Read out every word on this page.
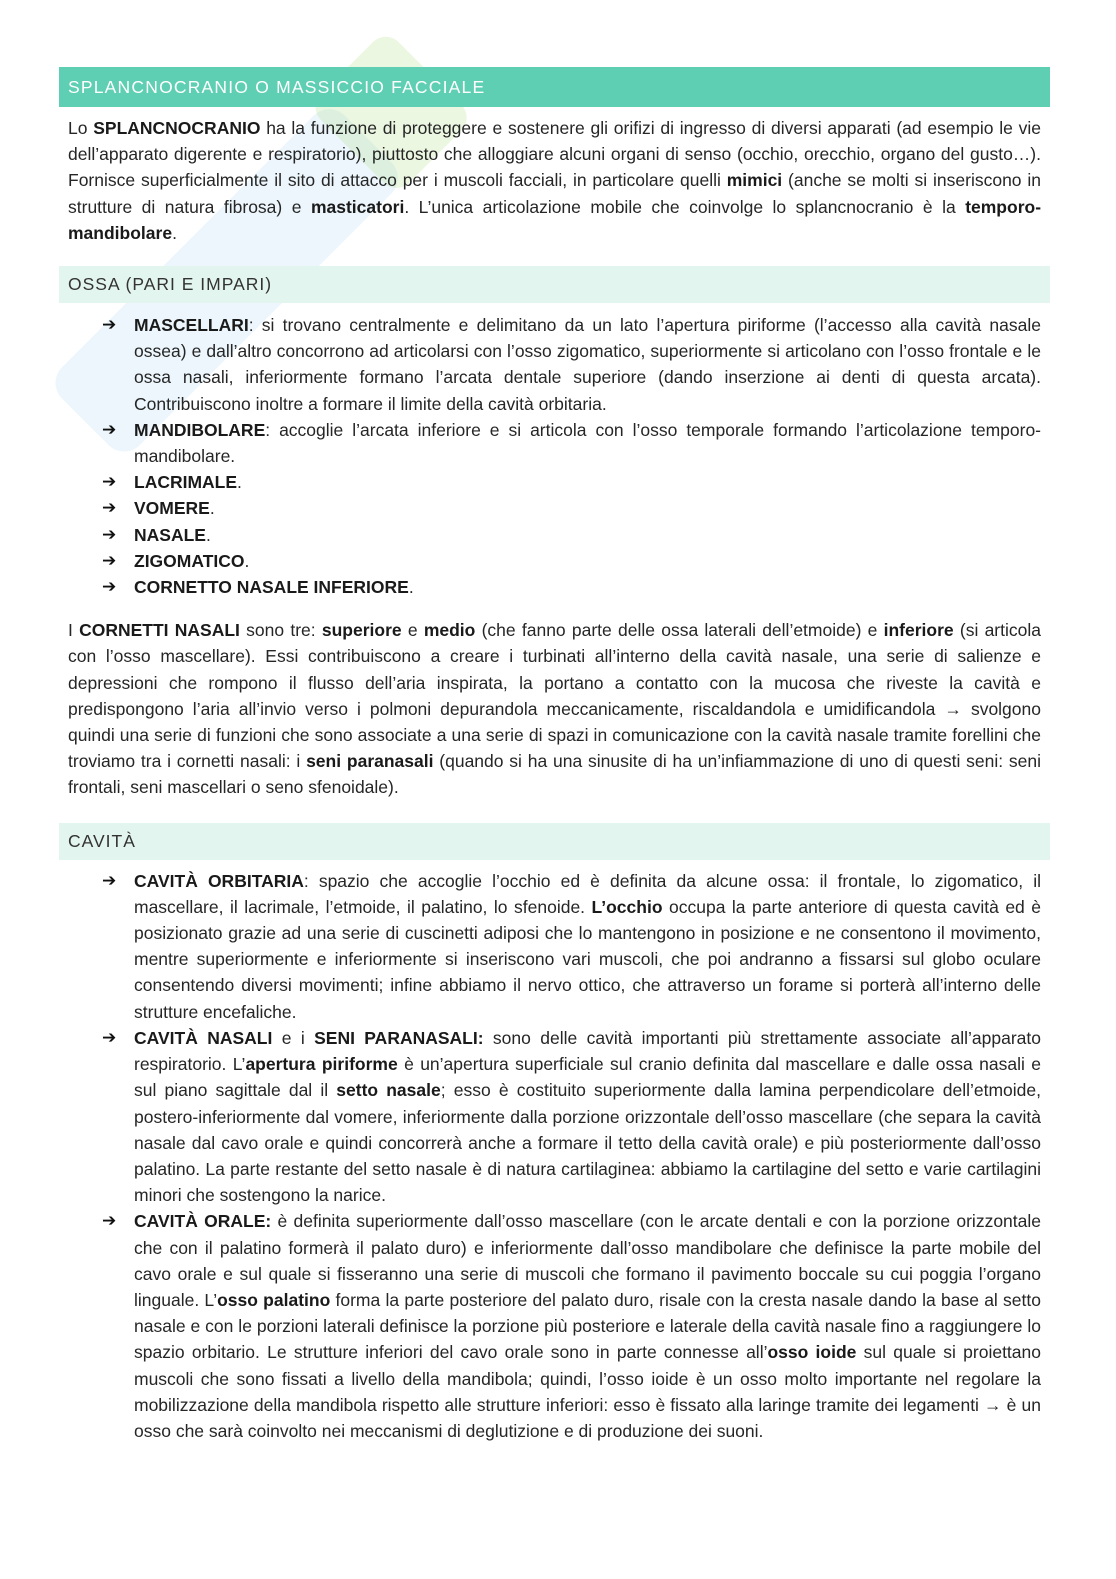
SPLANCNOCRANIO O MASSICCIO FACCIALE

Lo SPLANCNOCRANIO ha la funzione di proteggere e sostenere gli orifizi di ingresso di diversi apparati (ad esempio le vie dell’apparato digerente e respiratorio), piuttosto che alloggiare alcuni organi di senso (occhio, orecchio, organo del gusto…). Fornisce superficialmente il sito di attacco per i muscoli facciali, in particolare quelli mimici (anche se molti si inseriscono in strutture di natura fibrosa) e masticatori. L’unica articolazione mobile che coinvolge lo splancnocranio è la temporo-mandibolare.

OSSA (PARI E IMPARI)
➔
MASCELLARI: si trovano centralmente e delimitano da un lato l’apertura piriforme (l’accesso alla cavità nasale ossea) e dall’altro concorrono ad articolarsi con l’osso zigomatico, superiormente si articolano con l’osso frontale e le ossa nasali, inferiormente formano l’arcata dentale superiore (dando inserzione ai denti di questa arcata). Contribuiscono inoltre a formare il limite della cavità orbitaria.
➔
MANDIBOLARE: accoglie l’arcata inferiore e si articola con l’osso temporale formando l’articolazione temporo-mandibolare.
➔
LACRIMALE.
➔
VOMERE.
➔
NASALE.
➔
ZIGOMATICO.
➔
CORNETTO NASALE INFERIORE.

I CORNETTI NASALI sono tre: superiore e medio (che fanno parte delle ossa laterali dell’etmoide) e inferiore (si articola con l’osso mascellare). Essi contribuiscono a creare i turbinati all’interno della cavità nasale, una serie di salienze e depressioni che rompono il flusso dell’aria inspirata, la portano a contatto con la mucosa che riveste la cavità e predispongono l’aria all’invio verso i polmoni depurandola meccanicamente, riscaldandola e umidificandola → svolgono quindi una serie di funzioni che sono associate a una serie di spazi in comunicazione con la cavità nasale tramite forellini che troviamo tra i cornetti nasali: i seni paranasali (quando si ha una sinusite di ha un’infiammazione di uno di questi seni: seni frontali, seni mascellari o seno sfenoidale).

CAVITÀ
➔
CAVITÀ ORBITARIA: spazio che accoglie l’occhio ed è definita da alcune ossa: il frontale, lo zigomatico, il mascellare, il lacrimale, l’etmoide, il palatino, lo sfenoide. L’occhio occupa la parte anteriore di questa cavità ed è posizionato grazie ad una serie di cuscinetti adiposi che lo mantengono in posizione e ne consentono il movimento, mentre superiormente e inferiormente si inseriscono vari muscoli, che poi andranno a fissarsi sul globo oculare consentendo diversi movimenti; infine abbiamo il nervo ottico, che attraverso un forame si porterà all’interno delle strutture encefaliche.
➔
CAVITÀ NASALI e i SENI PARANASALI: sono delle cavità importanti più strettamente associate all’apparato respiratorio. L’apertura piriforme è un’apertura superficiale sul cranio definita dal mascellare e dalle ossa nasali e sul piano sagittale dal il setto nasale; esso è costituito superiormente dalla lamina perpendicolare dell’etmoide, postero-inferiormente dal vomere, inferiormente dalla porzione orizzontale dell’osso mascellare (che separa la cavità nasale dal cavo orale e quindi concorrerà anche a formare il tetto della cavità orale) e più posteriormente dall’osso palatino. La parte restante del setto nasale è di natura cartilaginea: abbiamo la cartilagine del setto e varie cartilagini minori che sostengono la narice.
➔
CAVITÀ ORALE: è definita superiormente dall’osso mascellare (con le arcate dentali e con la porzione orizzontale che con il palatino formerà il palato duro) e inferiormente dall’osso mandibolare che definisce la parte mobile del cavo orale e sul quale si fisseranno una serie di muscoli che formano il pavimento boccale su cui poggia l’organo linguale. L’osso palatino forma la parte posteriore del palato duro, risale con la cresta nasale dando la base al setto nasale e con le porzioni laterali definisce la porzione più posteriore e laterale della cavità nasale fino a raggiungere lo spazio orbitario. Le strutture inferiori del cavo orale sono in parte connesse all’osso ioide sul quale si proiettano muscoli che sono fissati a livello della mandibola; quindi, l’osso ioide è un osso molto importante nel regolare la mobilizzazione della mandibola rispetto alle strutture inferiori: esso è fissato alla laringe tramite dei legamenti → è un osso che sarà coinvolto nei meccanismi di deglutizione e di produzione dei suoni.
